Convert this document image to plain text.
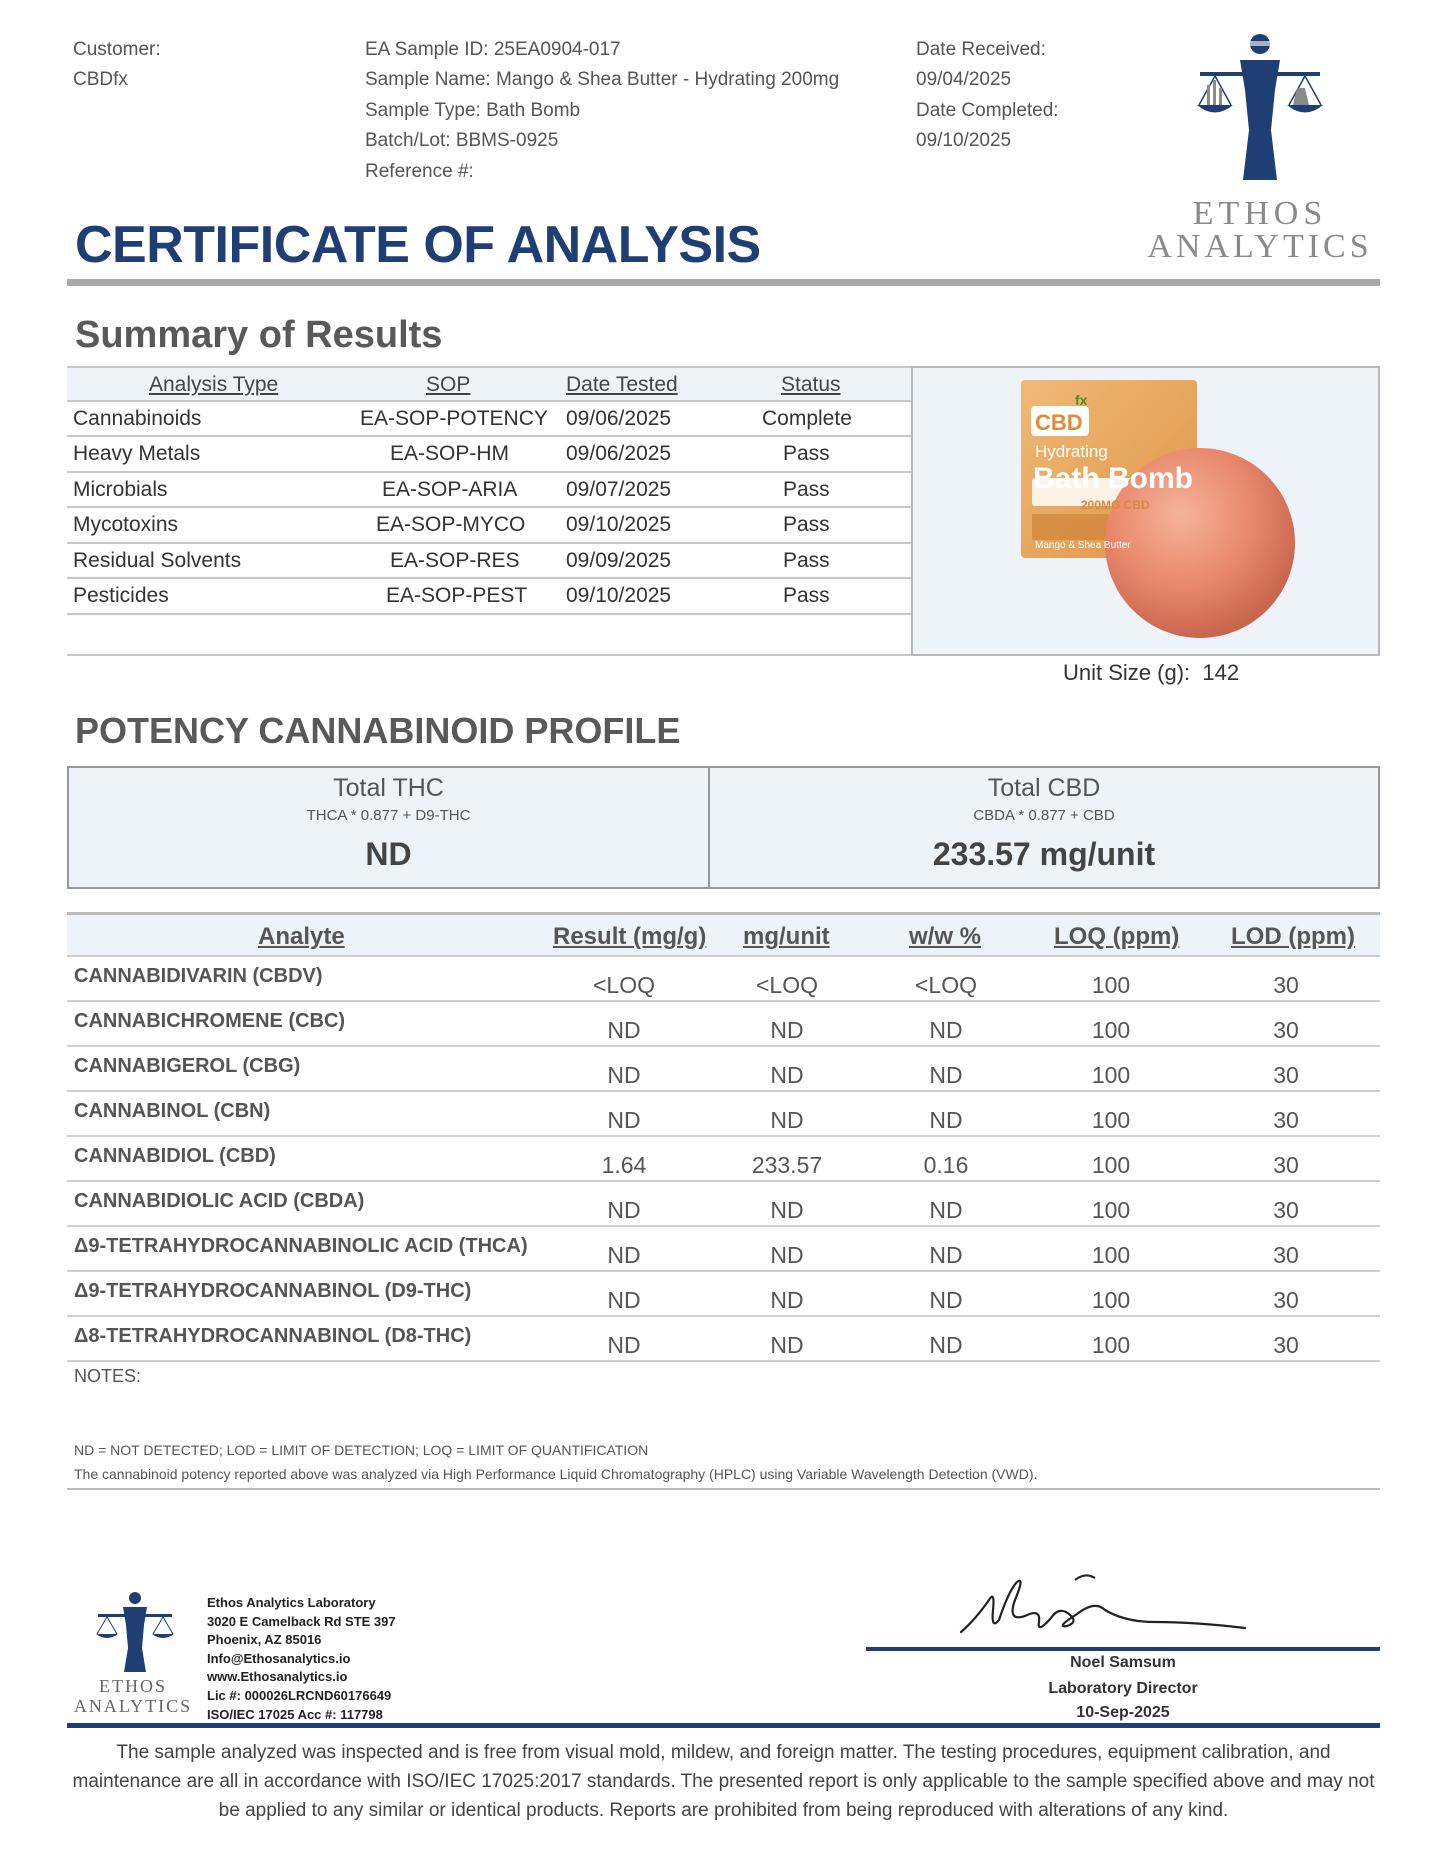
Customer:
CBDfx
EA Sample ID: 25EA0904-017
Sample Name: Mango & Shea Butter - Hydrating 200mg
Sample Type: Bath Bomb
Batch/Lot: BBMS-0925
Reference #:
Date Received:
09/04/2025
Date Completed:
09/10/2025
ETHOS
ANALYTICS
CERTIFICATE OF ANALYSIS
Summary of Results
Analysis Type	SOP	Date Tested	Status
Cannabinoids	EA-SOP-POTENCY 09/06/2025	Complete
Heavy Metals	EA-SOP-HM	09/06/2025	Pass
Microbials	EA-SOP-ARIA 09/07/2025	Pass
Mycotoxins	EA-SOP-MYCO 09/10/2025	Pass
Residual Solvents	EA-SOP-RES 09/09/2025	Pass
Pesticides	EA-SOP-PEST 09/10/2025	Pass
CBD
fx
Hydrating
Bath Bomb
200MG CBD
Mango & Shea Butter
Unit Size (g): 142
POTENCY CANNABINOID PROFILE
Total THC
THCA * 0.877 + D9-THC
ND
Total CBD
CBDA * 0.877 + CBD
233.57 mg/unit
Analyte	Result (mg/g) mg/unit	w/w %	LOQ (ppm) LOD (ppm)
CANNABIDIVARIN (CBDV)	<LOQ	<LOQ	<LOQ	100	30
CANNABICHROMENE (CBC)	ND	ND	ND	100	30
CANNABIGEROL (CBG)	ND	ND	ND	100	30
CANNABINOL (CBN)	ND	ND	ND	100	30
CANNABIDIOL (CBD)	1.64	233.57	0.16	100	30
CANNABIDIOLIC ACID (CBDA)	ND	ND	ND	100	30
Δ9-TETRAHYDROCANNABINOLIC ACID (THCA)	ND	ND	ND	100	30
Δ9-TETRAHYDROCANNABINOL (D9-THC)	ND	ND	ND	100	30
Δ8-TETRAHYDROCANNABINOL (D8-THC)	ND	ND	ND	100	30
NOTES:
ND = NOT DETECTED; LOD = LIMIT OF DETECTION; LOQ = LIMIT OF QUANTIFICATION
The cannabinoid potency reported above was analyzed via High Performance Liquid Chromatography (HPLC) using Variable Wavelength Detection (VWD).
ETHOS
ANALYTICS
Ethos Analytics Laboratory
3020 E Camelback Rd STE 397
Phoenix, AZ 85016
Info@Ethosanalytics.io
www.Ethosanalytics.io
Lic #: 000026LRCND60176649
ISO/IEC 17025 Acc #: 117798
Noel Samsum
Laboratory Director
10-Sep-2025
The sample analyzed was inspected and is free from visual mold, mildew, and foreign matter. The testing procedures, equipment calibration, and maintenance are all in accordance with ISO/IEC 17025:2017 standards. The presented report is only applicable to the sample specified above and may not be applied to any similar or identical products. Reports are prohibited from being reproduced with alterations of any kind.
